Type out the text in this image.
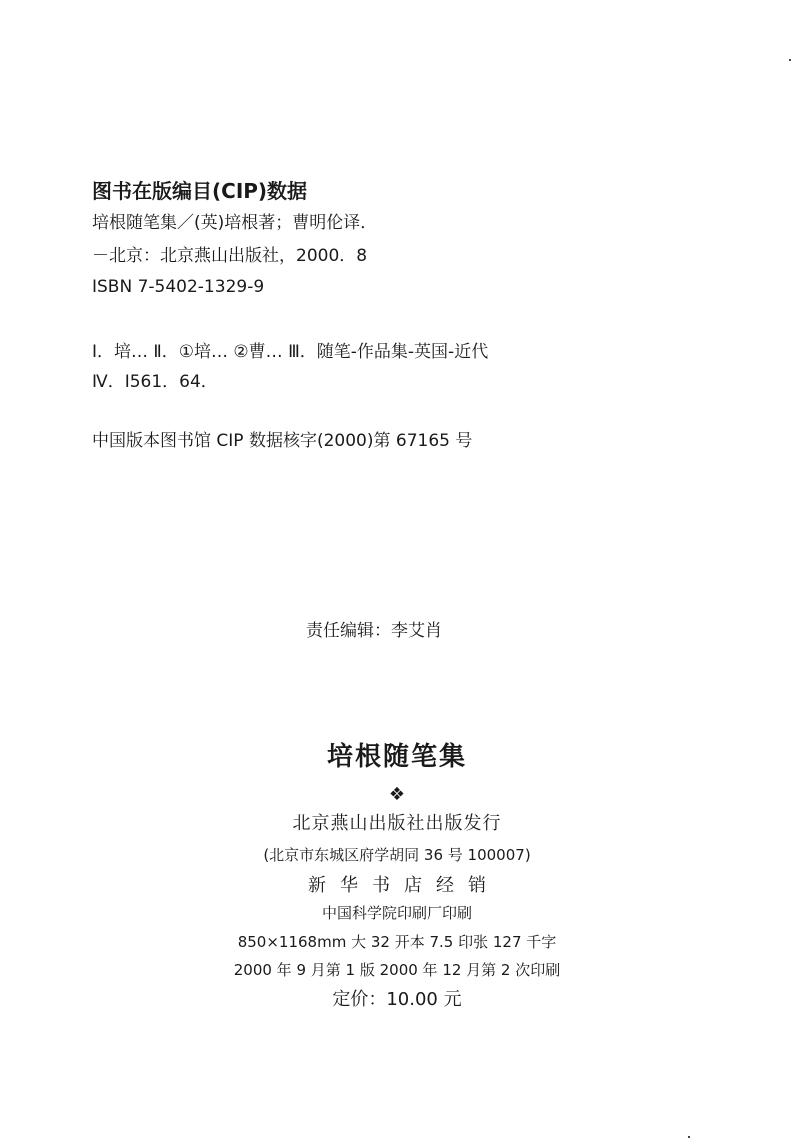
图书在版编目(CIP)数据
培根随笔集／(英)培根著；曹明伦译．
－北京：北京燕山出版社，2000．8
ISBN 7-5402-1329-9
Ⅰ．培… Ⅱ．①培… ②曹… Ⅲ．随笔-作品集-英国-近代
Ⅳ．I561．64．
中国版本图书馆 CIP 数据核字(2000)第 67165 号
责任编辑：李艾肖
培根随笔集
❖
北京燕山出版社出版发行
(北京市东城区府学胡同 36 号 100007)
新华书店经销
中国科学院印刷厂印刷
850×1168mm 大 32 开本 7.5 印张 127 千字
2000 年 9 月第 1 版 2000 年 12 月第 2 次印刷
定价：10.00 元
